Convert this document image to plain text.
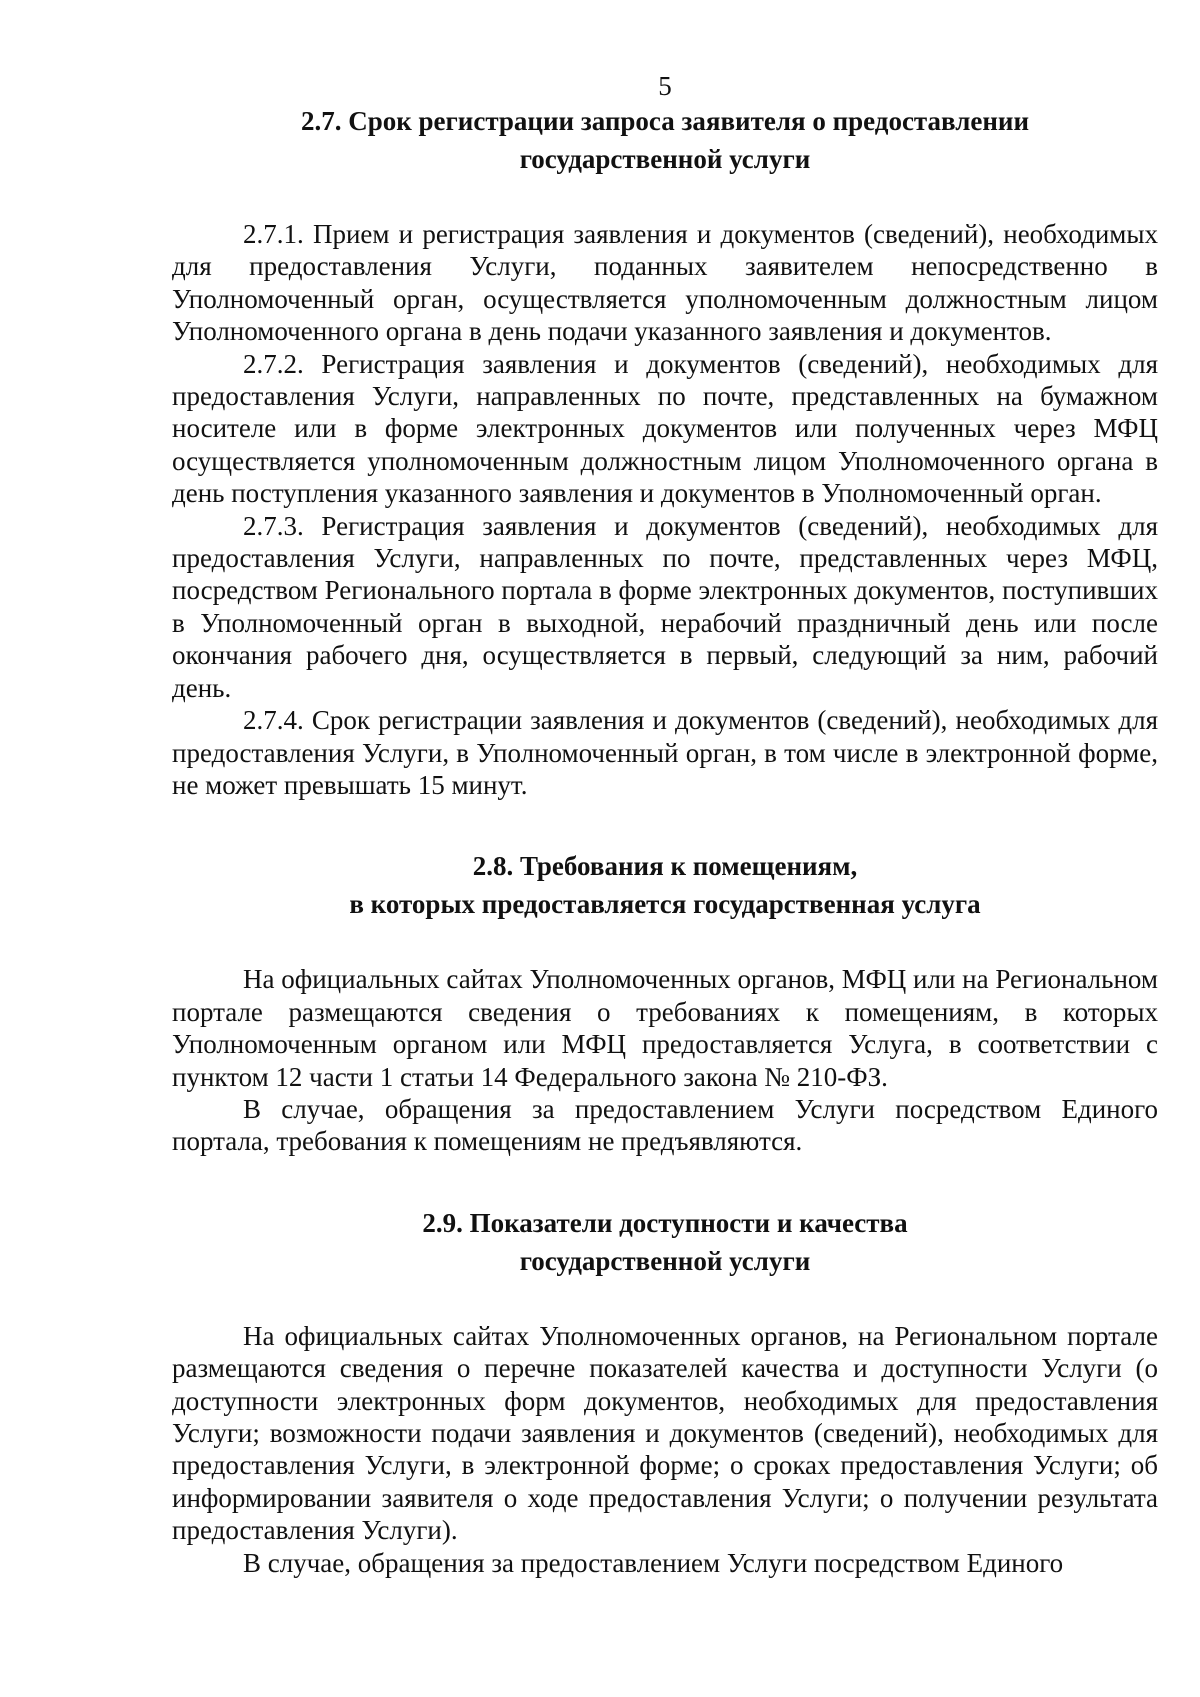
5
2.7. Срок регистрации запроса заявителя о предоставлении
государственной услуги

2.7.1. Прием и регистрация заявления и документов (сведений), необходимых для предоставления Услуги, поданных заявителем непосредственно в Уполномоченный орган, осуществляется уполномоченным должностным лицом Уполномоченного органа в день подачи указанного заявления и документов.

2.7.2. Регистрация заявления и документов (сведений), необходимых для предоставления Услуги, направленных по почте, представленных на бумажном носителе или в форме электронных документов или полученных через МФЦ осуществляется уполномоченным должностным лицом Уполномоченного органа в день поступления указанного заявления и документов в Уполномоченный орган.

2.7.3. Регистрация заявления и документов (сведений), необходимых для предоставления Услуги, направленных по почте, представленных через МФЦ, посредством Регионального портала в форме электронных документов, поступивших в Уполномоченный орган в выходной, нерабочий праздничный день или после окончания рабочего дня, осуществляется в первый, следующий за ним, рабочий день.

2.7.4. Срок регистрации заявления и документов (сведений), необходимых для предоставления Услуги, в Уполномоченный орган, в том числе в электронной форме, не может превышать 15 минут.

2.8. Требования к помещениям,
в которых предоставляется государственная услуга

На официальных сайтах Уполномоченных органов, МФЦ или на Региональном портале размещаются сведения о требованиях к помещениям, в которых Уполномоченным органом или МФЦ предоставляется Услуга, в соответствии с пунктом 12 части 1 статьи 14 Федерального закона № 210-ФЗ.

В случае, обращения за предоставлением Услуги посредством Единого портала, требования к помещениям не предъявляются.

2.9. Показатели доступности и качества
государственной услуги

На официальных сайтах Уполномоченных органов, на Региональном портале размещаются сведения о перечне показателей качества и доступности Услуги (о доступности электронных форм документов, необходимых для предоставления Услуги; возможности подачи заявления и документов (сведений), необходимых для предоставления Услуги, в электронной форме; о сроках предоставления Услуги; об информировании заявителя о ходе предоставления Услуги; о получении результата предоставления Услуги).

В случае, обращения за предоставлением Услуги посредством Единого
